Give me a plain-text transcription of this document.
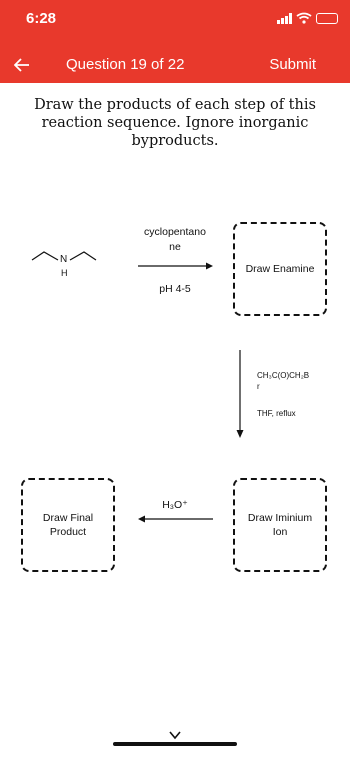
6:28
Question 19 of 22	Submit
Draw the products of each step of this reaction sequence. Ignore inorganic byproducts.
N
H
cyclopentano
ne
pH 4-5
Draw Enamine
CH₃C(O)CH₂B
r
THF, reflux
Draw Iminium
Ion
H₃O⁺
Draw Final
Product
